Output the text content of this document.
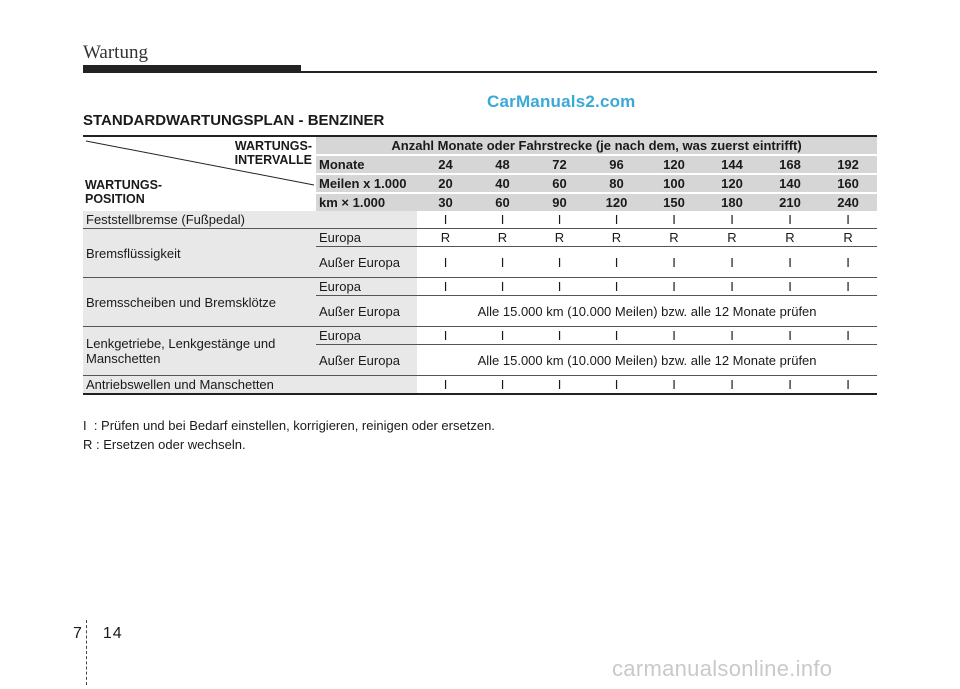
Wartung
CarManuals2.com
STANDARDWARTUNGSPLAN - BENZINER
WARTUNGS-
INTERVALLE
WARTUNGS-
POSITION	Anzahl Monate oder Fahrstrecke (je nach dem, was zuerst eintrifft)								
	Monate	24	48	72	96	120	144	168	192
	Meilen x 1.000	20	40	60	80	100	120	140	160
	km × 1.000	30	60	90	120	150	180	210	240
Feststellbremse (Fußpedal)		I	I	I	I	I	I	I	I
Bremsflüssigkeit	Europa	R	R	R	R	R	R	R	R
	Außer Europa	I	I	I	I	I	I	I	I
Bremsscheiben und Bremsklötze	Europa	I	I	I	I	I	I	I	I
	Außer Europa	Alle 15.000 km (10.000 Meilen) bzw. alle 12 Monate prüfen							

Lenkgetriebe, Lenkgestänge und
Manschetten	Europa	I	I	I	I	I	I	I	I
	Außer Europa	Alle 15.000 km (10.000 Meilen) bzw. alle 12 Monate prüfen							
Antriebswellen und Manschetten		I	I	I	I	I	I	I	I
I  : Prüfen und bei Bedarf einstellen, korrigieren, reinigen oder ersetzen.
R : Ersetzen oder wechseln.
7 14
carmanualsonline.info
